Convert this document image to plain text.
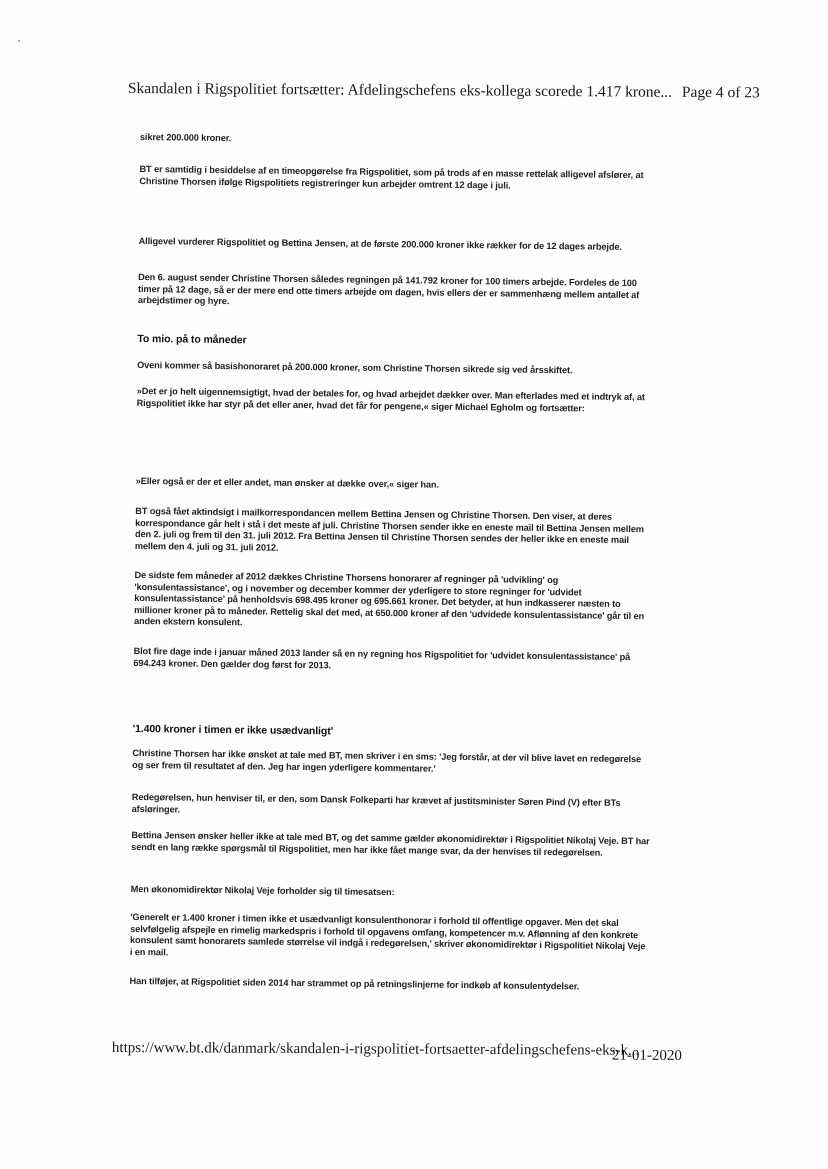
Skandalen i Rigspolitiet fortsætter: Afdelingschefens eks-kollega scorede 1.417 krone... Page 4 of 23

sikret 200.000 kroner.

BT er samtidig i besiddelse af en timeopgørelse fra Rigspolitiet, som på trods af en masse rettelak alligevel afslører, at Christine Thorsen ifølge Rigspolitiets registreringer kun arbejder omtrent 12 dage i juli.

Alligevel vurderer Rigspolitiet og Bettina Jensen, at de første 200.000 kroner ikke rækker for de 12 dages arbejde.

Den 6. august sender Christine Thorsen således regningen på 141.792 kroner for 100 timers arbejde. Fordeles de 100 timer på 12 dage, så er der mere end otte timers arbejde om dagen, hvis ellers der er sammenhæng mellem antallet af arbejdstimer og hyre.

To mio. på to måneder

Oveni kommer så basishonoraret på 200.000 kroner, som Christine Thorsen sikrede sig ved årsskiftet.

»Det er jo helt uigennemsigtigt, hvad der betales for, og hvad arbejdet dækker over. Man efterlades med et indtryk af, at Rigspolitiet ikke har styr på det eller aner, hvad det får for pengene,« siger Michael Egholm og fortsætter:

»Eller også er der et eller andet, man ønsker at dække over,« siger han.

BT også fået aktindsigt i mailkorrespondancen mellem Bettina Jensen og Christine Thorsen. Den viser, at deres korrespondance går helt i stå i det meste af juli. Christine Thorsen sender ikke en eneste mail til Bettina Jensen mellem den 2. juli og frem til den 31. juli 2012. Fra Bettina Jensen til Christine Thorsen sendes der heller ikke en eneste mail mellem den 4. juli og 31. juli 2012.

De sidste fem måneder af 2012 dækkes Christine Thorsens honorarer af regninger på 'udvikling' og 'konsulentassistance', og i november og december kommer der yderligere to store regninger for 'udvidet konsulentassistance' på henholdsvis 698.495 kroner og 695.661 kroner. Det betyder, at hun indkasserer næsten to millioner kroner på to måneder. Rettelig skal det med, at 650.000 kroner af den 'udvidede konsulentassistance' går til en anden ekstern konsulent.

Blot fire dage inde i januar måned 2013 lander så en ny regning hos Rigspolitiet for 'udvidet konsulentassistance' på 694.243 kroner. Den gælder dog først for 2013.

'1.400 kroner i timen er ikke usædvanligt'

Christine Thorsen har ikke ønsket at tale med BT, men skriver i en sms: 'Jeg forstår, at der vil blive lavet en redegørelse og ser frem til resultatet af den. Jeg har ingen yderligere kommentarer.'

Redegørelsen, hun henviser til, er den, som Dansk Folkeparti har krævet af justitsminister Søren Pind (V) efter BTs afsløringer.

Bettina Jensen ønsker heller ikke at tale med BT, og det samme gælder økonomidirektør i Rigspolitiet Nikolaj Veje. BT har sendt en lang række spørgsmål til Rigspolitiet, men har ikke fået mange svar, da der henvises til redegørelsen.

Men økonomidirektør Nikolaj Veje forholder sig til timesatsen:

'Generelt er 1.400 kroner i timen ikke et usædvanligt konsulenthonorar i forhold til offentlige opgaver. Men det skal selvfølgelig afspejle en rimelig markedspris i forhold til opgavens omfang, kompetencer m.v. Aflønning af den konkrete konsulent samt honorarets samlede størrelse vil indgå i redegørelsen,' skriver økonomidirektør i Rigspolitiet Nikolaj Veje i en mail.

Han tilføjer, at Rigspolitiet siden 2014 har strammet op på retningslinjerne for indkøb af konsulentydelser.

https://www.bt.dk/danmark/skandalen-i-rigspolitiet-fortsaetter-afdelingschefens-eks-k...
21-01-2020
